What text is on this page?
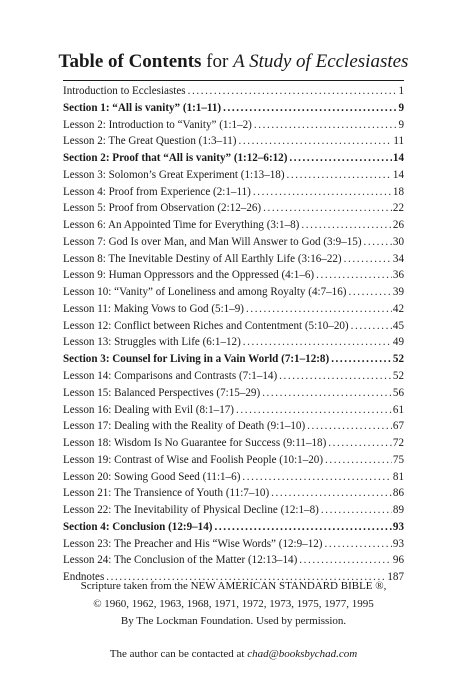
Table of Contents for A Study of Ecclesiastes
Introduction to Ecclesiastes .....	1
Section 1: “All is vanity” (1:1–11) .....	9
Lesson 2: Introduction to “Vanity” (1:1–2) .....	9
Lesson 2: The Great Question (1:3–11) .....	11
Section 2: Proof that “All is vanity” (1:12–6:12) .....	14
Lesson 3: Solomon’s Great Experiment (1:13–18) .....	14
Lesson 4: Proof from Experience (2:1–11) .....	18
Lesson 5: Proof from Observation (2:12–26) .....	22
Lesson 6: An Appointed Time for Everything (3:1–8) .....	26
Lesson 7: God Is over Man, and Man Will Answer to God (3:9–15) .....	30
Lesson 8: The Inevitable Destiny of All Earthly Life (3:16–22) .....	34
Lesson 9: Human Oppressors and the Oppressed (4:1–6) .....	36
Lesson 10: “Vanity” of Loneliness and among Royalty (4:7–16) .....	39
Lesson 11: Making Vows to God (5:1–9) .....	42
Lesson 12: Conflict between Riches and Contentment (5:10–20) .....	45
Lesson 13: Struggles with Life (6:1–12) .....	49
Section 3: Counsel for Living in a Vain World (7:1–12:8) .....	52
Lesson 14: Comparisons and Contrasts (7:1–14) .....	52
Lesson 15: Balanced Perspectives (7:15–29) .....	56
Lesson 16: Dealing with Evil (8:1–17) .....	61
Lesson 17: Dealing with the Reality of Death (9:1–10) .....	67
Lesson 18: Wisdom Is No Guarantee for Success (9:11–18) .....	72
Lesson 19: Contrast of Wise and Foolish People (10:1–20) .....	75
Lesson 20: Sowing Good Seed (11:1–6) .....	81
Lesson 21: The Transience of Youth (11:7–10) .....	86
Lesson 22: The Inevitability of Physical Decline (12:1–8) .....	89
Section 4: Conclusion (12:9–14) .....	93
Lesson 23: The Preacher and His “Wise Words” (12:9–12) .....	93
Lesson 24: The Conclusion of the Matter (12:13–14) .....	96
Endnotes .....	187
Scripture taken from the NEW AMERICAN STANDARD BIBLE ®,
© 1960, 1962, 1963, 1968, 1971, 1972, 1973, 1975, 1977, 1995
By The Lockman Foundation. Used by permission.
The author can be contacted at chad@booksbychad.com
